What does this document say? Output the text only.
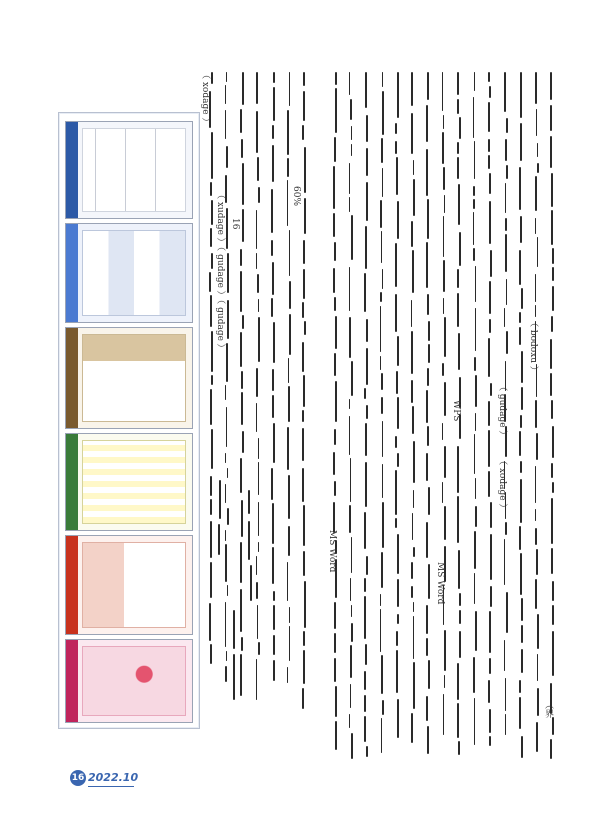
（ bodoxu ）
（ xodage ）
（ gudage ）
WPS
MS Word
MS Word
（界
60%
16
（ xudage ）（ gudage ）（ gudage ）
（ xodage ）
16 2022.10
